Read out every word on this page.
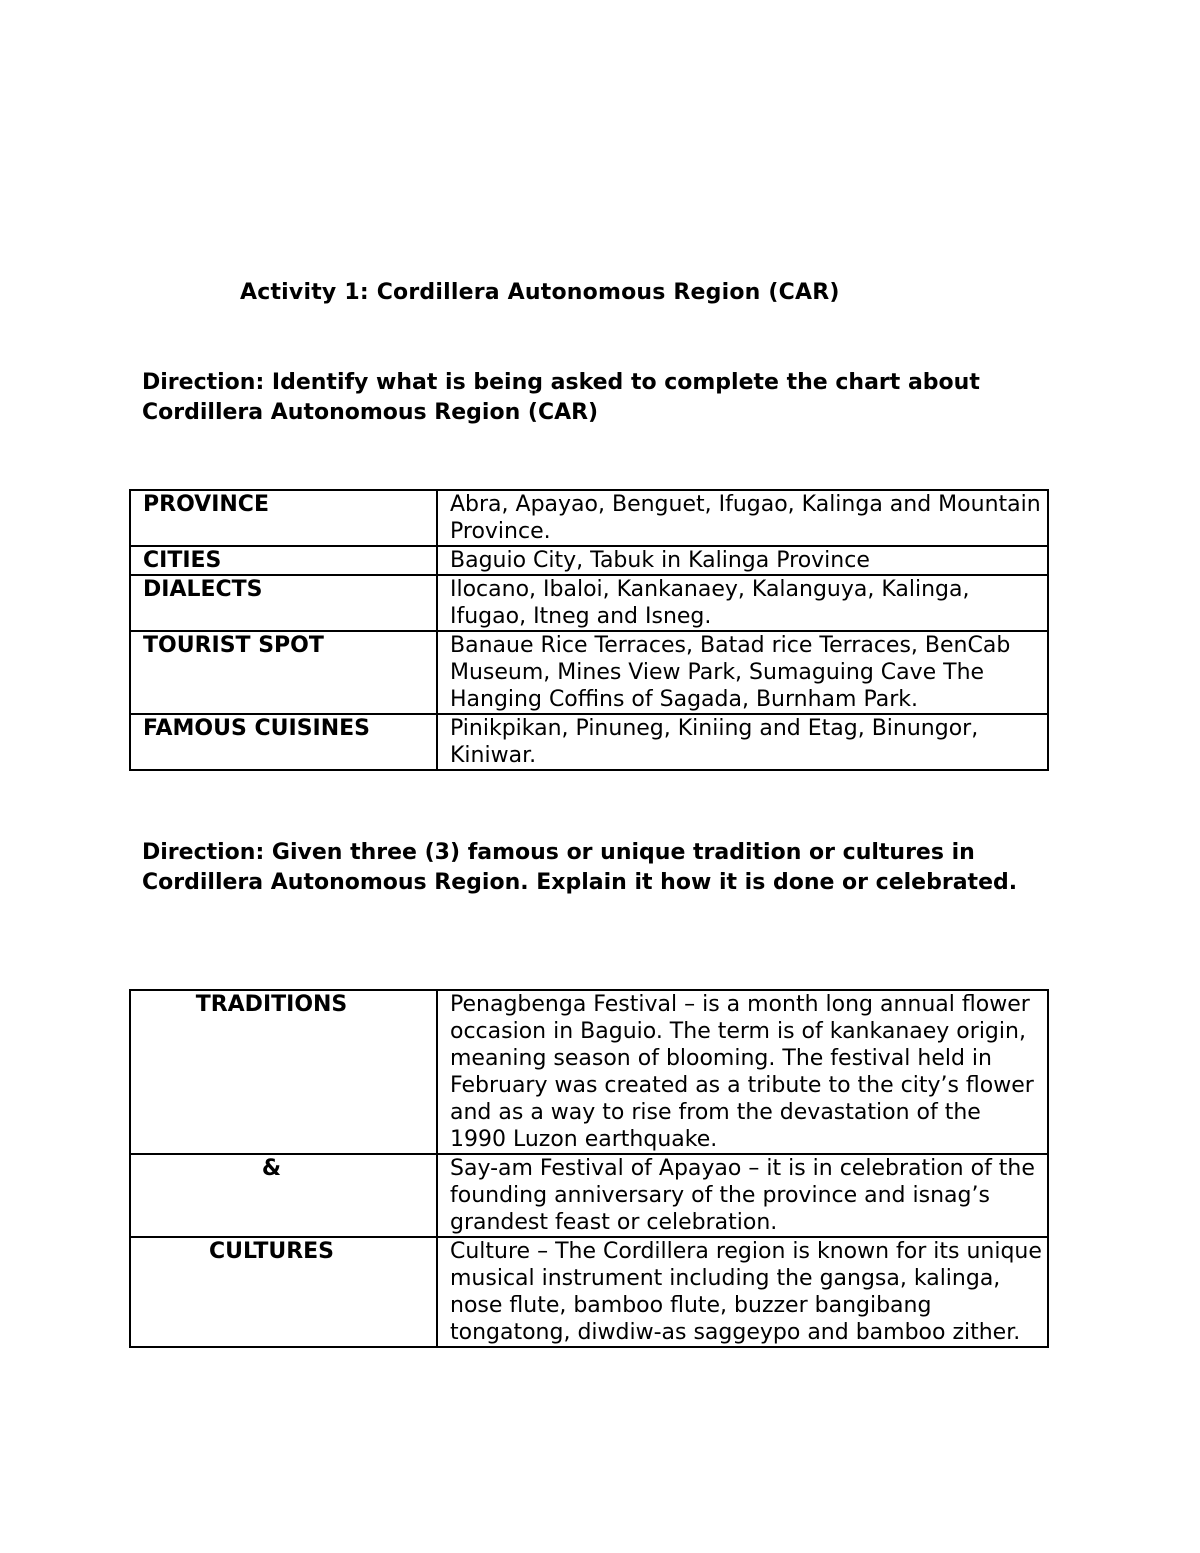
Activity 1: Cordillera Autonomous Region (CAR)
Direction: Identify what is being asked to complete the chart about Cordillera Autonomous Region (CAR)
PROVINCE	Abra, Apayao, Benguet, Ifugao, Kalinga and Mountain Province.
CITIES	Baguio City, Tabuk in Kalinga Province
DIALECTS	Ilocano, Ibaloi, Kankanaey, Kalanguya, Kalinga, Ifugao, Itneg and Isneg.
TOURIST SPOT	Banaue Rice Terraces, Batad rice Terraces, BenCab Museum, Mines View Park, Sumaguing Cave The Hanging Coffins of Sagada, Burnham Park.
FAMOUS CUISINES	Pinikpikan, Pinuneg, Kiniing and Etag, Binungor, Kiniwar.
Direction: Given three (3) famous or unique tradition or cultures in Cordillera Autonomous Region. Explain it how it is done or celebrated.
TRADITIONS	Penagbenga Festival – is a month long annual flower occasion in Baguio. The term is of kankanaey origin, meaning season of blooming. The festival held in February was created as a tribute to the city’s flower and as a way to rise from the devastation of the 1990 Luzon earthquake.
&	Say-am Festival of Apayao – it is in celebration of the founding anniversary of the province and isnag’s grandest feast or celebration.
CULTURES	Culture – The Cordillera region is known for its unique musical instrument including the gangsa, kalinga, nose flute, bamboo flute, buzzer bangibang tongatong, diwdiw-as saggeypo and bamboo zither.
